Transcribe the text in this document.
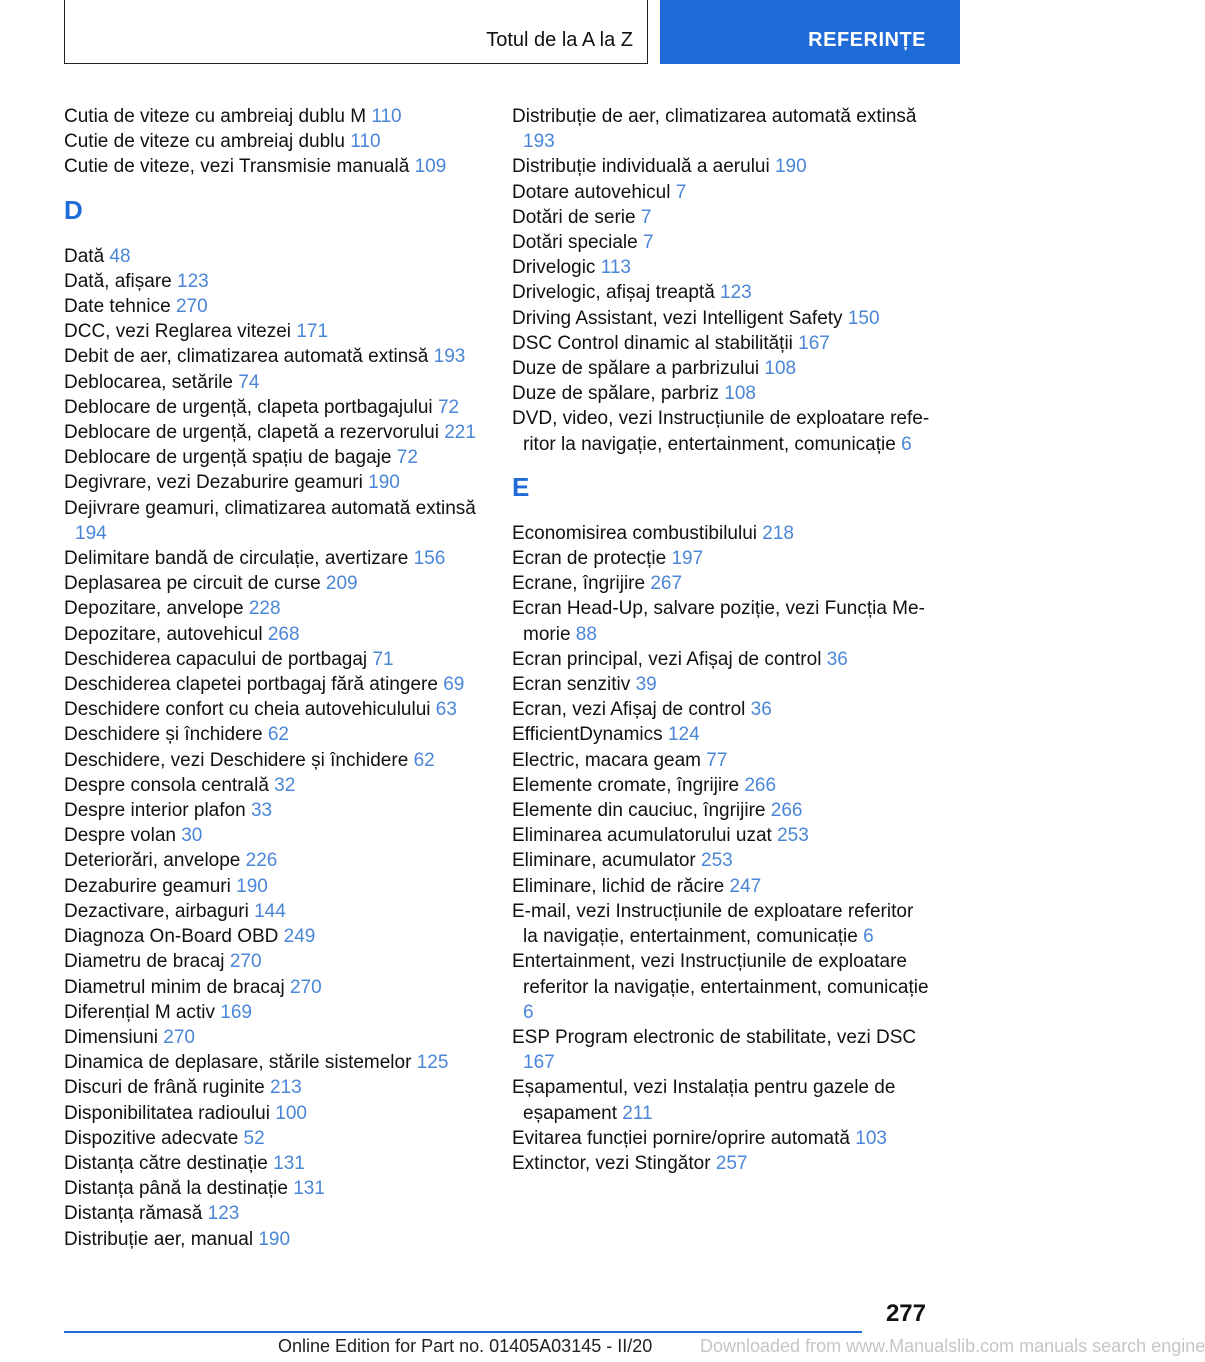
Totul de la A la Z	REFERINȚE
Cutia de viteze cu ambreiaj dublu M 110
Cutie de viteze cu ambreiaj dublu 110
Cutie de viteze, vezi Transmisie manuală 109
D
Dată 48
Dată, afișare 123
Date tehnice 270
DCC, vezi Reglarea vitezei 171
Debit de aer, climatizarea automată extinsă 193
Deblocarea, setările 74
Deblocare de urgență, clapeta portbagajului 72
Deblocare de urgență, clapetă a rezervorului 221
Deblocare de urgență spațiu de bagaje 72
Degivrare, vezi Dezaburire geamuri 190
Dejivrare geamuri, climatizarea automată extinsă 194
Delimitare bandă de circulație, avertizare 156
Deplasarea pe circuit de curse 209
Depozitare, anvelope 228
Depozitare, autovehicul 268
Deschiderea capacului de portbagaj 71
Deschiderea clapetei portbagaj fără atingere 69
Deschidere confort cu cheia autovehiculului 63
Deschidere și închidere 62
Deschidere, vezi Deschidere și închidere 62
Despre consola centrală 32
Despre interior plafon 33
Despre volan 30
Deteriorări, anvelope 226
Dezaburire geamuri 190
Dezactivare, airbaguri 144
Diagnoza On-Board OBD 249
Diametru de bracaj 270
Diametrul minim de bracaj 270
Diferențial M activ 169
Dimensiuni 270
Dinamica de deplasare, stările sistemelor 125
Discuri de frână ruginite 213
Disponibilitatea radioului 100
Dispozitive adecvate 52
Distanța către destinație 131
Distanța până la destinație 131
Distanța rămasă 123
Distribuție aer, manual 190
Distribuție de aer, climatizarea automată extinsă 193
Distribuție individuală a aerului 190
Dotare autovehicul 7
Dotări de serie 7
Dotări speciale 7
Drivelogic 113
Drivelogic, afișaj treaptă 123
Driving Assistant, vezi Intelligent Safety 150
DSC Control dinamic al stabilității 167
Duze de spălare a parbrizului 108
Duze de spălare, parbriz 108
DVD, video, vezi Instrucțiunile de exploatare referitor la navigație, entertainment, comunicație 6
E
Economisirea combustibilului 218
Ecran de protecție 197
Ecrane, îngrijire 267
Ecran Head-Up, salvare poziție, vezi Funcția Memorie 88
Ecran principal, vezi Afișaj de control 36
Ecran senzitiv 39
Ecran, vezi Afișaj de control 36
EfficientDynamics 124
Electric, macara geam 77
Elemente cromate, îngrijire 266
Elemente din cauciuc, îngrijire 266
Eliminarea acumulatorului uzat 253
Eliminare, acumulator 253
Eliminare, lichid de răcire 247
E-mail, vezi Instrucțiunile de exploatare referitor la navigație, entertainment, comunicație 6
Entertainment, vezi Instrucțiunile de exploatare referitor la navigație, entertainment, comunicație 6
ESP Program electronic de stabilitate, vezi DSC 167
Eșapamentul, vezi Instalația pentru gazele de eșapament 211
Evitarea funcției pornire/oprire automată 103
Extinctor, vezi Stingător 257
277
Online Edition for Part no. 01405A03145 - II/20	Downloaded from www.Manualslib.com manuals search engine
